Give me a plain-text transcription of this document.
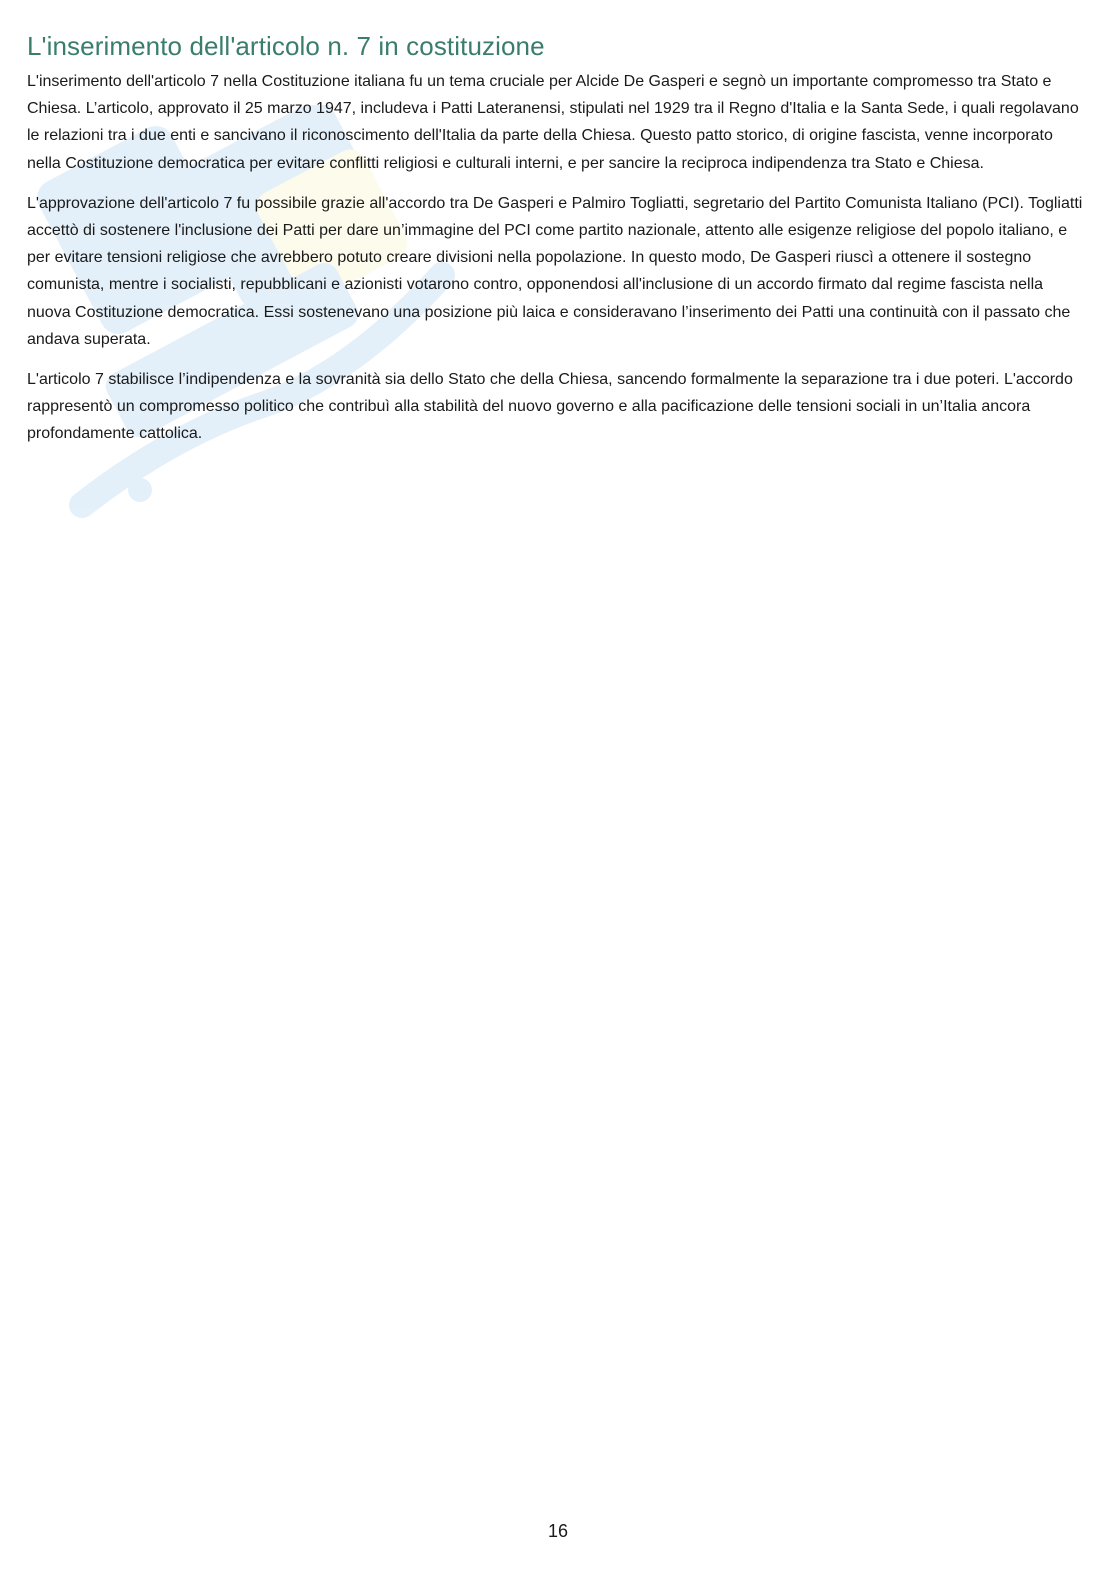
L'inserimento dell'articolo n. 7 in costituzione

L'inserimento dell'articolo 7 nella Costituzione italiana fu un tema cruciale per Alcide De Gasperi e segnò un importante compromesso tra Stato e Chiesa. L’articolo, approvato il 25 marzo 1947, includeva i Patti Lateranensi, stipulati nel 1929 tra il Regno d'Italia e la Santa Sede, i quali regolavano le relazioni tra i due enti e sancivano il riconoscimento dell'Italia da parte della Chiesa. Questo patto storico, di origine fascista, venne incorporato nella Costituzione democratica per evitare conflitti religiosi e culturali interni, e per sancire la reciproca indipendenza tra Stato e Chiesa.

L'approvazione dell'articolo 7 fu possibile grazie all'accordo tra De Gasperi e Palmiro Togliatti, segretario del Partito Comunista Italiano (PCI). Togliatti accettò di sostenere l'inclusione dei Patti per dare un’immagine del PCI come partito nazionale, attento alle esigenze religiose del popolo italiano, e per evitare tensioni religiose che avrebbero potuto creare divisioni nella popolazione. In questo modo, De Gasperi riuscì a ottenere il sostegno comunista, mentre i socialisti, repubblicani e azionisti votarono contro, opponendosi all'inclusione di un accordo firmato dal regime fascista nella nuova Costituzione democratica. Essi sostenevano una posizione più laica e consideravano l’inserimento dei Patti una continuità con il passato che andava superata.

L'articolo 7 stabilisce l’indipendenza e la sovranità sia dello Stato che della Chiesa, sancendo formalmente la separazione tra i due poteri. L'accordo rappresentò un compromesso politico che contribuì alla stabilità del nuovo governo e alla pacificazione delle tensioni sociali in un’Italia ancora profondamente cattolica.

16
